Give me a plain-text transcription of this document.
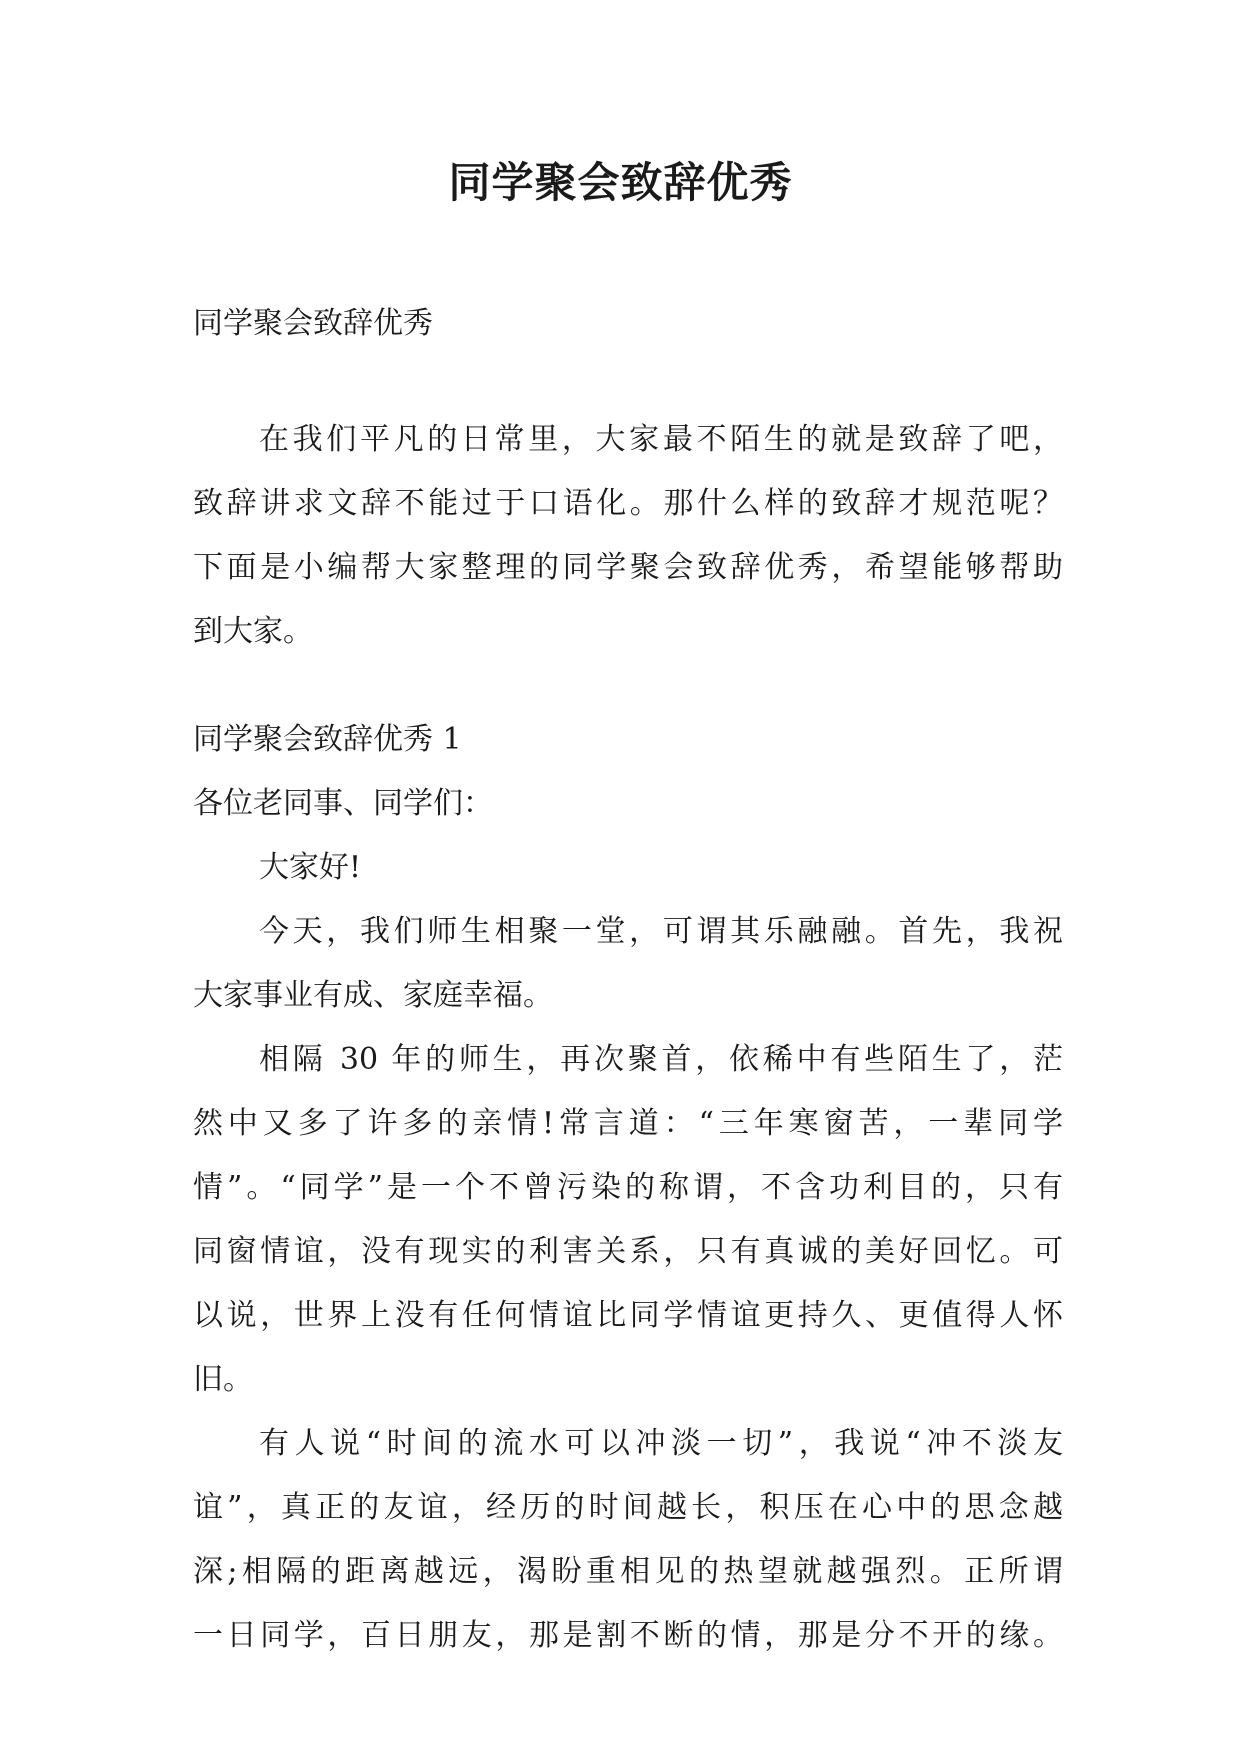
同学聚会致辞优秀

同学聚会致辞优秀

在我们平凡的日常里，大家最不陌生的就是致辞了吧，

致辞讲求文辞不能过于口语化。那什么样的致辞才规范呢？

下面是小编帮大家整理的同学聚会致辞优秀，希望能够帮助

到大家。

同学聚会致辞优秀 1

各位老同事、同学们：

大家好!

今天，我们师生相聚一堂，可谓其乐融融。首先，我祝

大家事业有成、家庭幸福。

相隔 30 年的师生，再次聚首，依稀中有些陌生了，茫

然中又多了许多的亲情!常言道：“三年寒窗苦，一辈同学

情”。“同学”是一个不曾污染的称谓，不含功利目的，只有

同窗情谊，没有现实的利害关系，只有真诚的美好回忆。可

以说，世界上没有任何情谊比同学情谊更持久、更值得人怀

旧。

有人说“时间的流水可以冲淡一切”，我说“冲不淡友

谊”，真正的友谊，经历的时间越长，积压在心中的思念越

深;相隔的距离越远，渴盼重相见的热望就越强烈。正所谓

一日同学，百日朋友，那是割不断的情，那是分不开的缘。
